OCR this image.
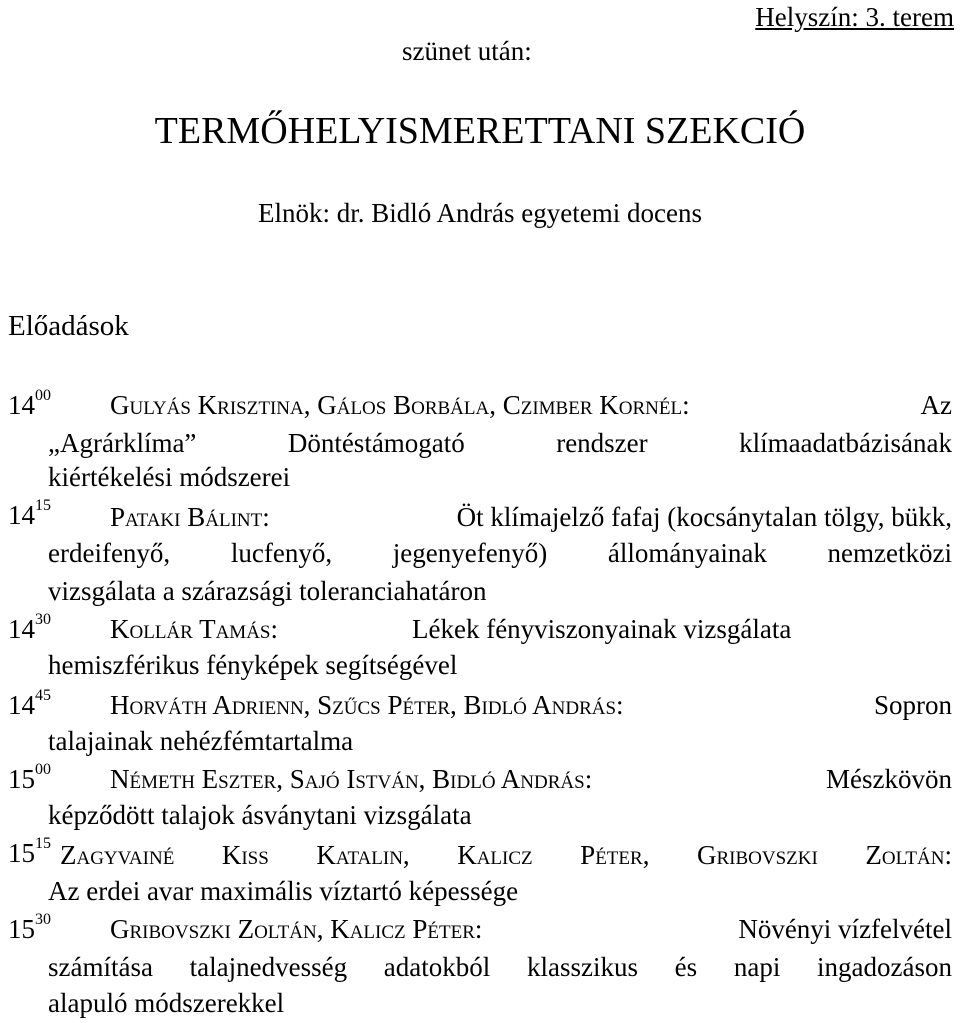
Helyszín: 3. terem
szünet után:
TERMŐHELYISMERETTANI SZEKCIÓ
Elnök: dr. Bidló András egyetemi docens
Előadások
$14^{00}$ Gulyás Krisztina, Gálos Borbála, Czimber Kornél:	Az
„Agrárklíma”	Döntéstámogató	rendszer	klímaadatbázisának
kiértékelési módszerei
$14^{15}$ Pataki Bálint:	Öt klímajelző fafaj (kocsánytalan tölgy, bükk,
erdeifenyő, lucfenyő, jegenyefenyő) állományainak nemzetközi
vizsgálata a szárazsági toleranciahatáron
$14^{30}$ Kollár Tamás:	Lékek fényviszonyainak vizsgálata
hemiszférikus fényképek segítségével
$14^{45}$ Horváth Adrienn, Szűcs Péter, Bidló András:	Sopron
talajainak nehézfémtartalma
$15^{00}$ Németh Eszter, Sajó István, Bidló András:	Mészkövön
képződött talajok ásványtani vizsgálata
$15^{15}$ Zagyvainé Kiss Katalin, Kalicz Péter, Gribovszki Zoltán:
Az erdei avar maximális víztartó képessége
$15^{30}$ Gribovszki Zoltán, Kalicz Péter:	Növényi vízfelvétel
számítása talajnedvesség adatokból klasszikus és napi ingadozáson
alapuló módszerekkel
